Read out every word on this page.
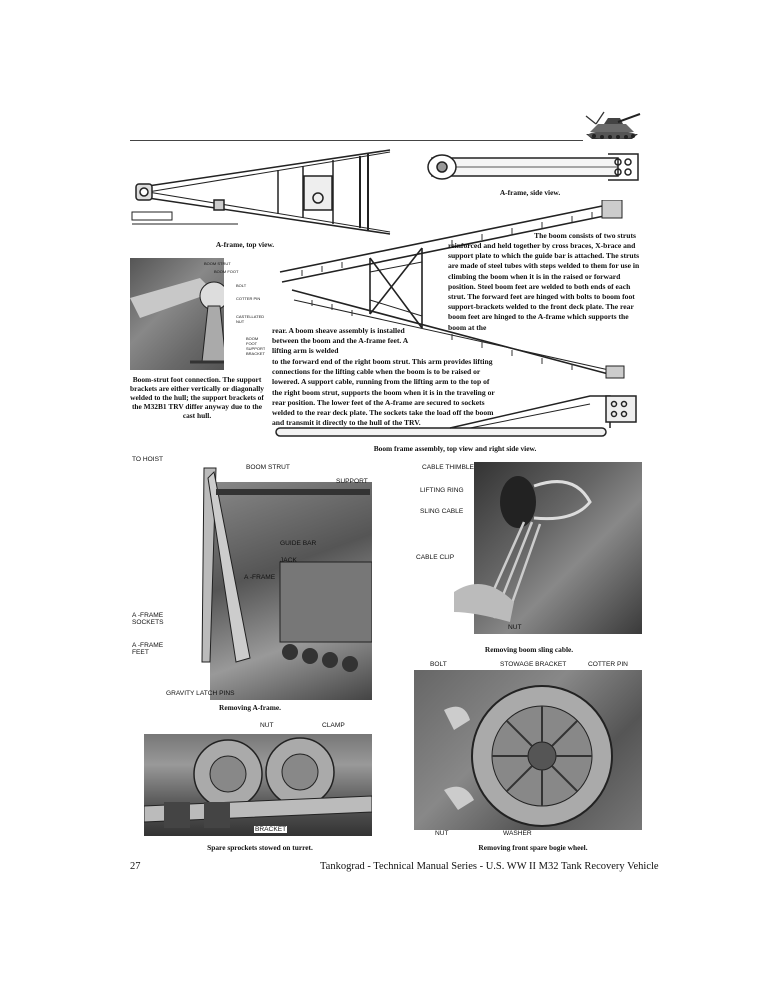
A-frame, top view.
A-frame, side view.
The boom consists of two struts
reinforced and held together by cross braces, X-brace and support plate to which the guide bar is attached. The struts are made of steel tubes with steps welded to them for use in climbing the boom when it is in the raised or forward position. Steel boom feet are welded to both ends of each strut. The forward feet are hinged with bolts to boom foot support-brackets welded to the front deck plate. The rear boom feet are hinged to the A-frame which supports the boom at the
rear. A boom sheave assembly is installed between the boom and the A-frame feet. A lifting arm is welded
to the forward end of the right boom strut. This arm provides lifting connections for the lifting cable when the boom is to be raised or lowered. A support cable, running from the lifting arm to the top of the right boom strut, supports the boom when it is in the traveling or rear position. The lower feet of the A-frame are secured to sockets welded to the rear deck plate. The sockets take the load off the boom and transmit it directly to the hull of the TRV.
BOOM STRUT
BOOM FOOT
BOLT
COTTER PIN
CASTELLATED NUT
BOOM FOOT SUPPORT BRACKET
Boom-strut foot connection. The support brackets are either vertically or diagonally welded to the hull; the support brackets of the M32B1 TRV differ anyway due to the cast hull.
Boom frame assembly, top view and right side view.
TO HOIST
BOOM STRUT
SUPPORT
GUIDE BAR
JACK
A -FRAME
A -FRAME SOCKETS
A -FRAME FEET
GRAVITY LATCH PINS
Removing A-frame.
CABLE THIMBLE
LIFTING RING
SLING CABLE
CABLE CLIP
NUT
Removing boom sling cable.
NUT	CLAMP
BRACKET
Spare sprockets stowed on turret.
BOLT	STOWAGE BRACKET	COTTER PIN
NUT	WASHER
Removing front spare bogie wheel.
27	Tankograd - Technical Manual Series - U.S. WW II M32 Tank Recovery Vehicle
